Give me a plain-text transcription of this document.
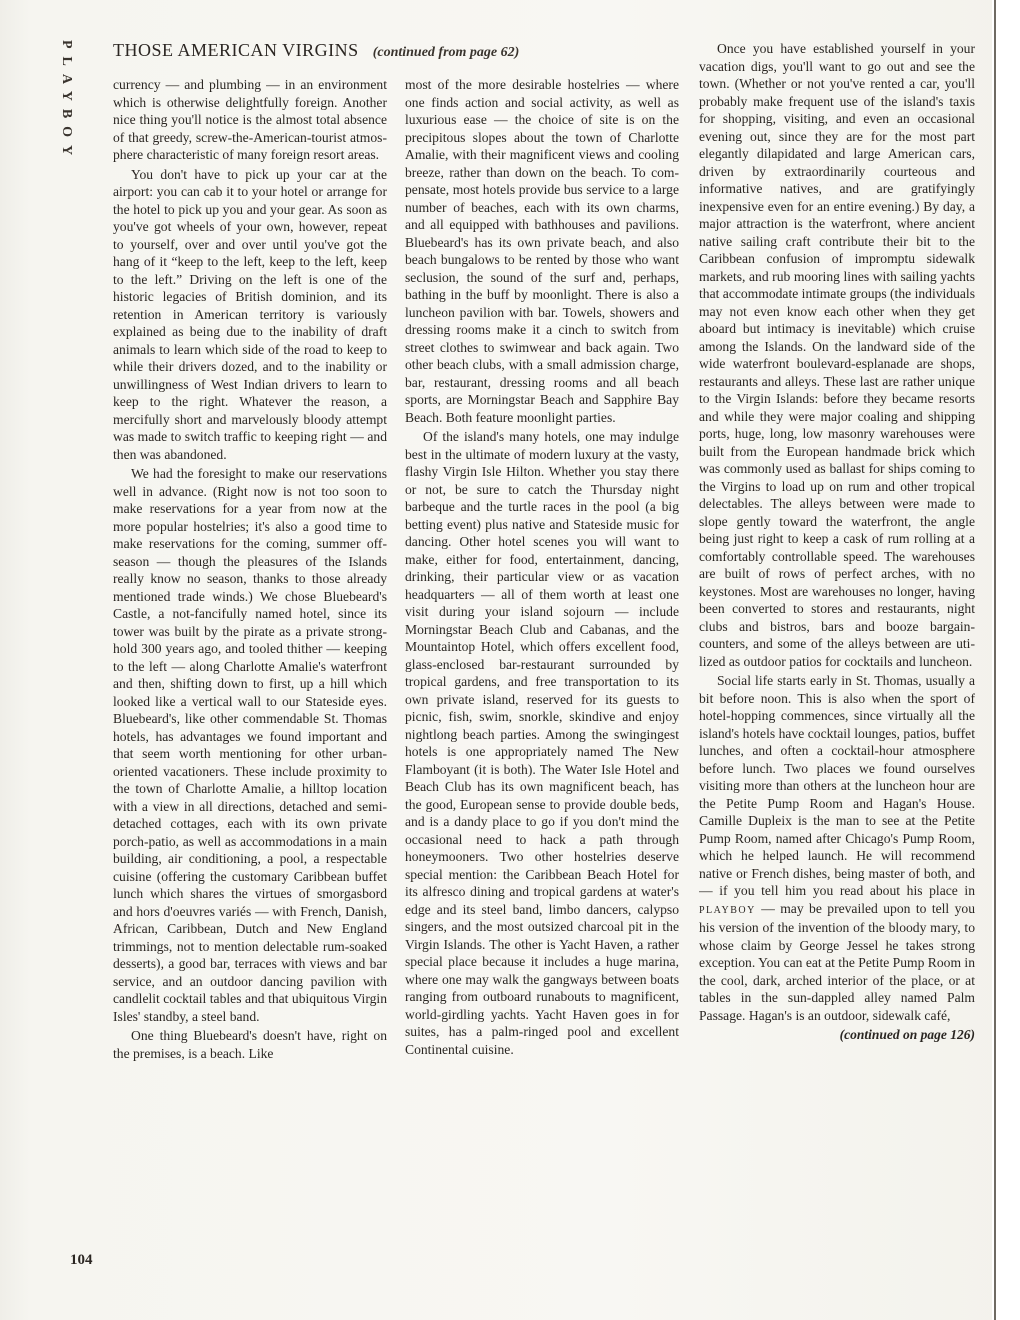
PLAYBOY THOSE AMERICAN VIRGINS (continued from page 62)

currency — and plumbing — in an environment which is otherwise delightfully foreign. Another nice thing you'll notice is the almost total absence of that greedy, screw-the-American-tourist atmosphere characteristic of many foreign resort areas.

You don't have to pick up your car at the airport: you can cab it to your hotel or arrange for the hotel to pick up you and your gear. As soon as you've got wheels of your own, however, repeat to yourself, over and over until you've got the hang of it “keep to the left, keep to the left, keep to the left.” Driving on the left is one of the historic legacies of British dominion, and its retention in American territory is variously explained as being due to the inability of draft animals to learn which side of the road to keep to while their drivers dozed, and to the inability or unwillingness of West Indian drivers to learn to keep to the right. Whatever the reason, a mercifully short and marvelously bloody attempt was made to switch traffic to keeping right — and then was abandoned.

We had the foresight to make our reservations well in advance. (Right now is not too soon to make reservations for a year from now at the more popular hostelries; it's also a good time to make reservations for the coming, summer off-season — though the pleasures of the Islands really know no season, thanks to those already mentioned trade winds.) We chose Bluebeard's Castle, a not-fancifully named hotel, since its tower was built by the pirate as a private stronghold 300 years ago, and tooled thither — keeping to the left — along Charlotte Amalie's waterfront and then, shifting down to first, up a hill which looked like a vertical wall to our Stateside eyes. Bluebeard's, like other commendable St. Thomas hotels, has advantages we found important and that seem worth mentioning for other urban-oriented vacationers. These include proximity to the town of Charlotte Amalie, a hilltop location with a view in all directions, detached and semi-detached cottages, each with its own private porch-patio, as well as accommodations in a main building, air conditioning, a pool, a respectable cuisine (offering the customary Caribbean buffet lunch which shares the virtues of smorgasbord and hors d'oeuvres variés — with French, Danish, African, Caribbean, Dutch and New England trimmings, not to mention delectable rum-soaked desserts), a good bar, terraces with views and bar service, and an outdoor dancing pavilion with candlelit cocktail tables and that ubiquitous Virgin Isles' standby, a steel band.

One thing Bluebeard's doesn't have, right on the premises, is a beach. Like

most of the more desirable hostelries — where one finds action and social activity, as well as luxurious ease — the choice of site is on the precipitous slopes about the town of Charlotte Amalie, with their magnificent views and cooling breeze, rather than down on the beach. To compensate, most hotels provide bus service to a large number of beaches, each with its own charms, and all equipped with bathhouses and pavilions. Bluebeard's has its own private beach, and also beach bungalows to be rented by those who want seclusion, the sound of the surf and, perhaps, bathing in the buff by moonlight. There is also a luncheon pavilion with bar. Towels, showers and dressing rooms make it a cinch to switch from street clothes to swimwear and back again. Two other beach clubs, with a small admission charge, bar, restaurant, dressing rooms and all beach sports, are Morningstar Beach and Sapphire Bay Beach. Both feature moonlight parties.

Of the island's many hotels, one may indulge best in the ultimate of modern luxury at the vasty, flashy Virgin Isle Hilton. Whether you stay there or not, be sure to catch the Thursday night barbeque and the turtle races in the pool (a big betting event) plus native and Stateside music for dancing. Other hotel scenes you will want to make, either for food, entertainment, dancing, drinking, their particular view or as vacation headquarters — all of them worth at least one visit during your island sojourn — include Morningstar Beach Club and Cabanas, and the Mountaintop Hotel, which offers excellent food, glass-enclosed bar-restaurant surrounded by tropical gardens, and free transportation to its own private island, reserved for its guests to picnic, fish, swim, snorkle, skindive and enjoy nightlong beach parties. Among the swingingest hotels is one appropriately named The New Flamboyant (it is both). The Water Isle Hotel and Beach Club has its own magnificent beach, has the good, European sense to provide double beds, and is a dandy place to go if you don't mind the occasional need to hack a path through honeymooners. Two other hostelries deserve special mention: the Caribbean Beach Hotel for its alfresco dining and tropical gardens at water's edge and its steel band, limbo dancers, calypso singers, and the most outsized charcoal pit in the Virgin Islands. The other is Yacht Haven, a rather special place because it includes a huge marina, where one may walk the gangways between boats ranging from outboard runabouts to magnificent, world-girdling yachts. Yacht Haven goes in for suites, has a palm-ringed pool and excellent Continental cuisine.

Once you have established yourself in your vacation digs, you'll want to go out and see the town. (Whether or not you've rented a car, you'll probably make frequent use of the island's taxis for shopping, visiting, and even an occasional evening out, since they are for the most part elegantly dilapidated and large American cars, driven by extraordinarily courteous and informative natives, and are gratifyingly inexpensive even for an entire evening.) By day, a major attraction is the waterfront, where ancient native sailing craft contribute their bit to the Caribbean confusion of impromptu sidewalk markets, and rub mooring lines with sailing yachts that accommodate intimate groups (the individuals may not even know each other when they get aboard but intimacy is inevitable) which cruise among the Islands. On the landward side of the wide waterfront boulevard-esplanade are shops, restaurants and alleys. These last are rather unique to the Virgin Islands: before they became resorts and while they were major coaling and shipping ports, huge, long, low masonry warehouses were built from the European handmade brick which was commonly used as ballast for ships coming to the Virgins to load up on rum and other tropical delectables. The alleys between were made to slope gently toward the waterfront, the angle being just right to keep a cask of rum rolling at a comfortably controllable speed. The warehouses are built of rows of perfect arches, with no keystones. Most are warehouses no longer, having been converted to stores and restaurants, night clubs and bistros, bars and booze bargain-counters, and some of the alleys between are utilized as outdoor patios for cocktails and luncheon.

Social life starts early in St. Thomas, usually a bit before noon. This is also when the sport of hotel-hopping commences, since virtually all the island's hotels have cocktail lounges, patios, buffet lunches, and often a cocktail-hour atmosphere before lunch. Two places we found ourselves visiting more than others at the luncheon hour are the Petite Pump Room and Hagan's House. Camille Dupleix is the man to see at the Petite Pump Room, named after Chicago's Pump Room, which he helped launch. He will recommend native or French dishes, being master of both, and — if you tell him you read about his place in PLAYBOY — may be prevailed upon to tell you his version of the invention of the bloody mary, to whose claim by George Jessel he takes strong exception. You can eat at the Petite Pump Room in the cool, dark, arched interior of the place, or at tables in the sun-dappled alley named Palm Passage. Hagan's is an outdoor, sidewalk café,

(continued on page 126)
104
